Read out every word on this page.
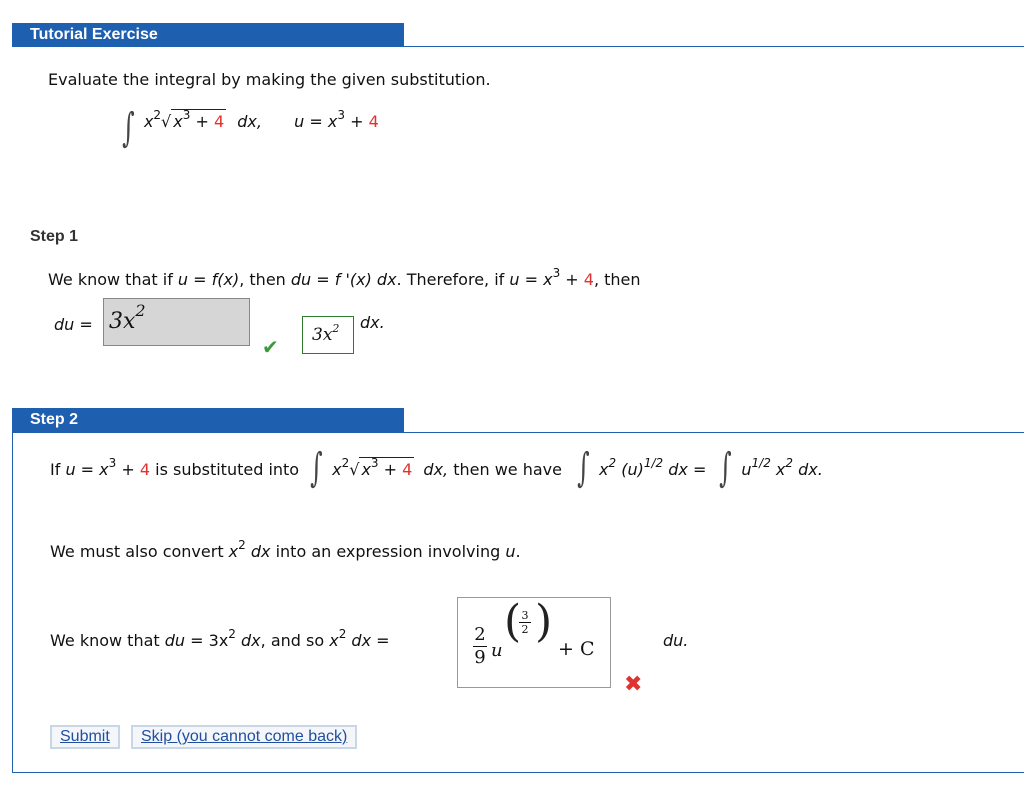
Tutorial Exercise
Evaluate the integral by making the given substitution.
∫ $x^2√$ $x^3 + 4$ dx, $u = x^3 + 4$
Step 1
We know that if u = f(x), then du = f '(x) dx. Therefore, if $u = x^3 + 4$, then
du = $3x^2$
✔ $3x^2$ dx.
Step 2
If $u = x^3 + 4$ is substituted into ∫ $x^2√$ $x^3 + 4$ dx, then we have ∫ $x^2$ $(u)^{1/2}$ dx = ∫ $u^{1/2}$ $x^2$ dx.
We must also convert $x^2$ dx into an expression involving u.
We know that du = $3x^2$ dx, and so $x^2$ dx =	2
9 u
( 3
2 )
+ C
✖
du.
Submit	Skip (you cannot come back)
